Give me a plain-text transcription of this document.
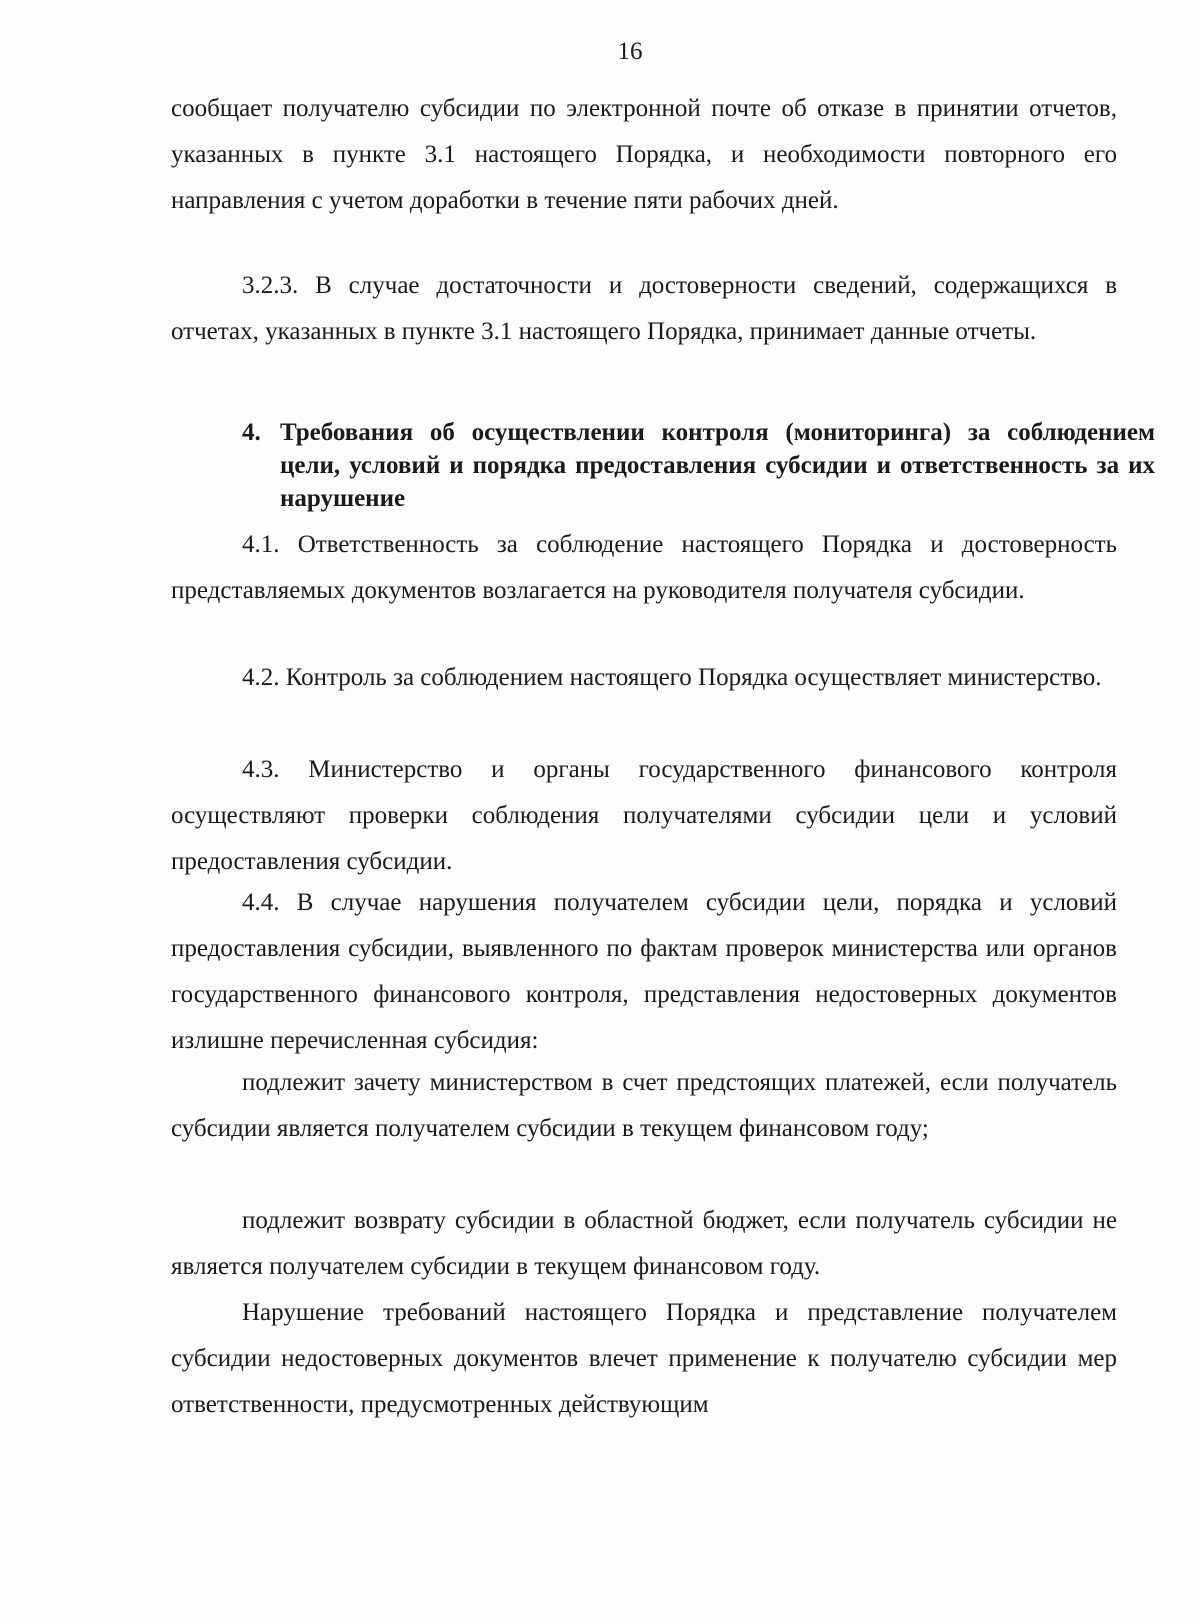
16

сообщает получателю субсидии по электронной почте об отказе в принятии отчетов, указанных в пункте 3.1 настоящего Порядка, и необходимости повторного его направления с учетом доработки в течение пяти рабочих дней.

3.2.3. В случае достаточности и достоверности сведений, содержащихся в отчетах, указанных в пункте 3.1 настоящего Порядка, принимает данные отчеты.

4. Требования об осуществлении контроля (мониторинга) за соблюдением цели, условий и порядка предоставления субсидии и ответственность за их нарушение

4.1. Ответственность за соблюдение настоящего Порядка и достоверность представляемых документов возлагается на руководителя получателя субсидии.

4.2. Контроль за соблюдением настоящего Порядка осуществляет министерство.

4.3. Министерство и органы государственного финансового контроля осуществляют проверки соблюдения получателями субсидии цели и условий предоставления субсидии.

4.4. В случае нарушения получателем субсидии цели, порядка и условий предоставления субсидии, выявленного по фактам проверок министерства или органов государственного финансового контроля, представления недостоверных документов излишне перечисленная субсидия:

подлежит зачету министерством в счет предстоящих платежей, если получатель субсидии является получателем субсидии в текущем финансовом году;

подлежит возврату субсидии в областной бюджет, если получатель субсидии не является получателем субсидии в текущем финансовом году.

Нарушение требований настоящего Порядка и представление получателем субсидии недостоверных документов влечет применение к получателю субсидии мер ответственности, предусмотренных действующим
